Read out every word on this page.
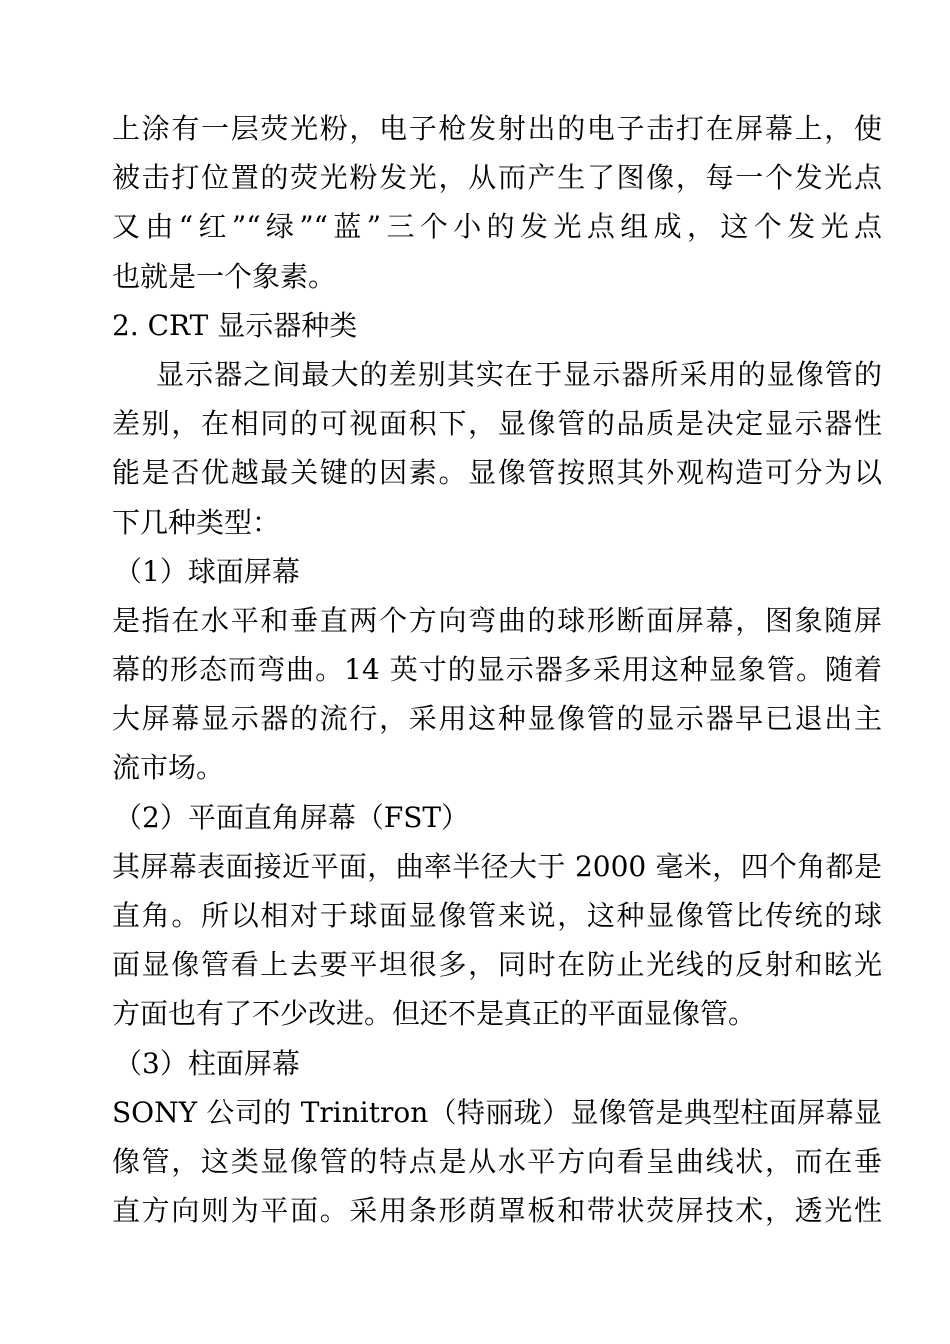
上涂有一层荧光粉，电子枪发射出的电子击打在屏幕上，使
被击打位置的荧光粉发光，从而产生了图像，每一个发光点
又由“红”“绿”“蓝”三个小的发光点组成，这个发光点
也就是一个象素。
2. CRT 显示器种类
显示器之间最大的差别其实在于显示器所采用的显像管的
差别，在相同的可视面积下，显像管的品质是决定显示器性
能是否优越最关键的因素。显像管按照其外观构造可分为以
下几种类型：
（1）球面屏幕
是指在水平和垂直两个方向弯曲的球形断面屏幕，图象随屏
幕的形态而弯曲。14 英寸的显示器多采用这种显象管。随着
大屏幕显示器的流行，采用这种显像管的显示器早已退出主
流市场。
（2）平面直角屏幕（FST）
其屏幕表面接近平面，曲率半径大于 2000 毫米，四个角都是
直角。所以相对于球面显像管来说，这种显像管比传统的球
面显像管看上去要平坦很多，同时在防止光线的反射和眩光
方面也有了不少改进。但还不是真正的平面显像管。
（3）柱面屏幕
SONY 公司的 Trinitron（特丽珑）显像管是典型柱面屏幕显
像管，这类显像管的特点是从水平方向看呈曲线状，而在垂
直方向则为平面。采用条形荫罩板和带状荧屏技术，透光性
